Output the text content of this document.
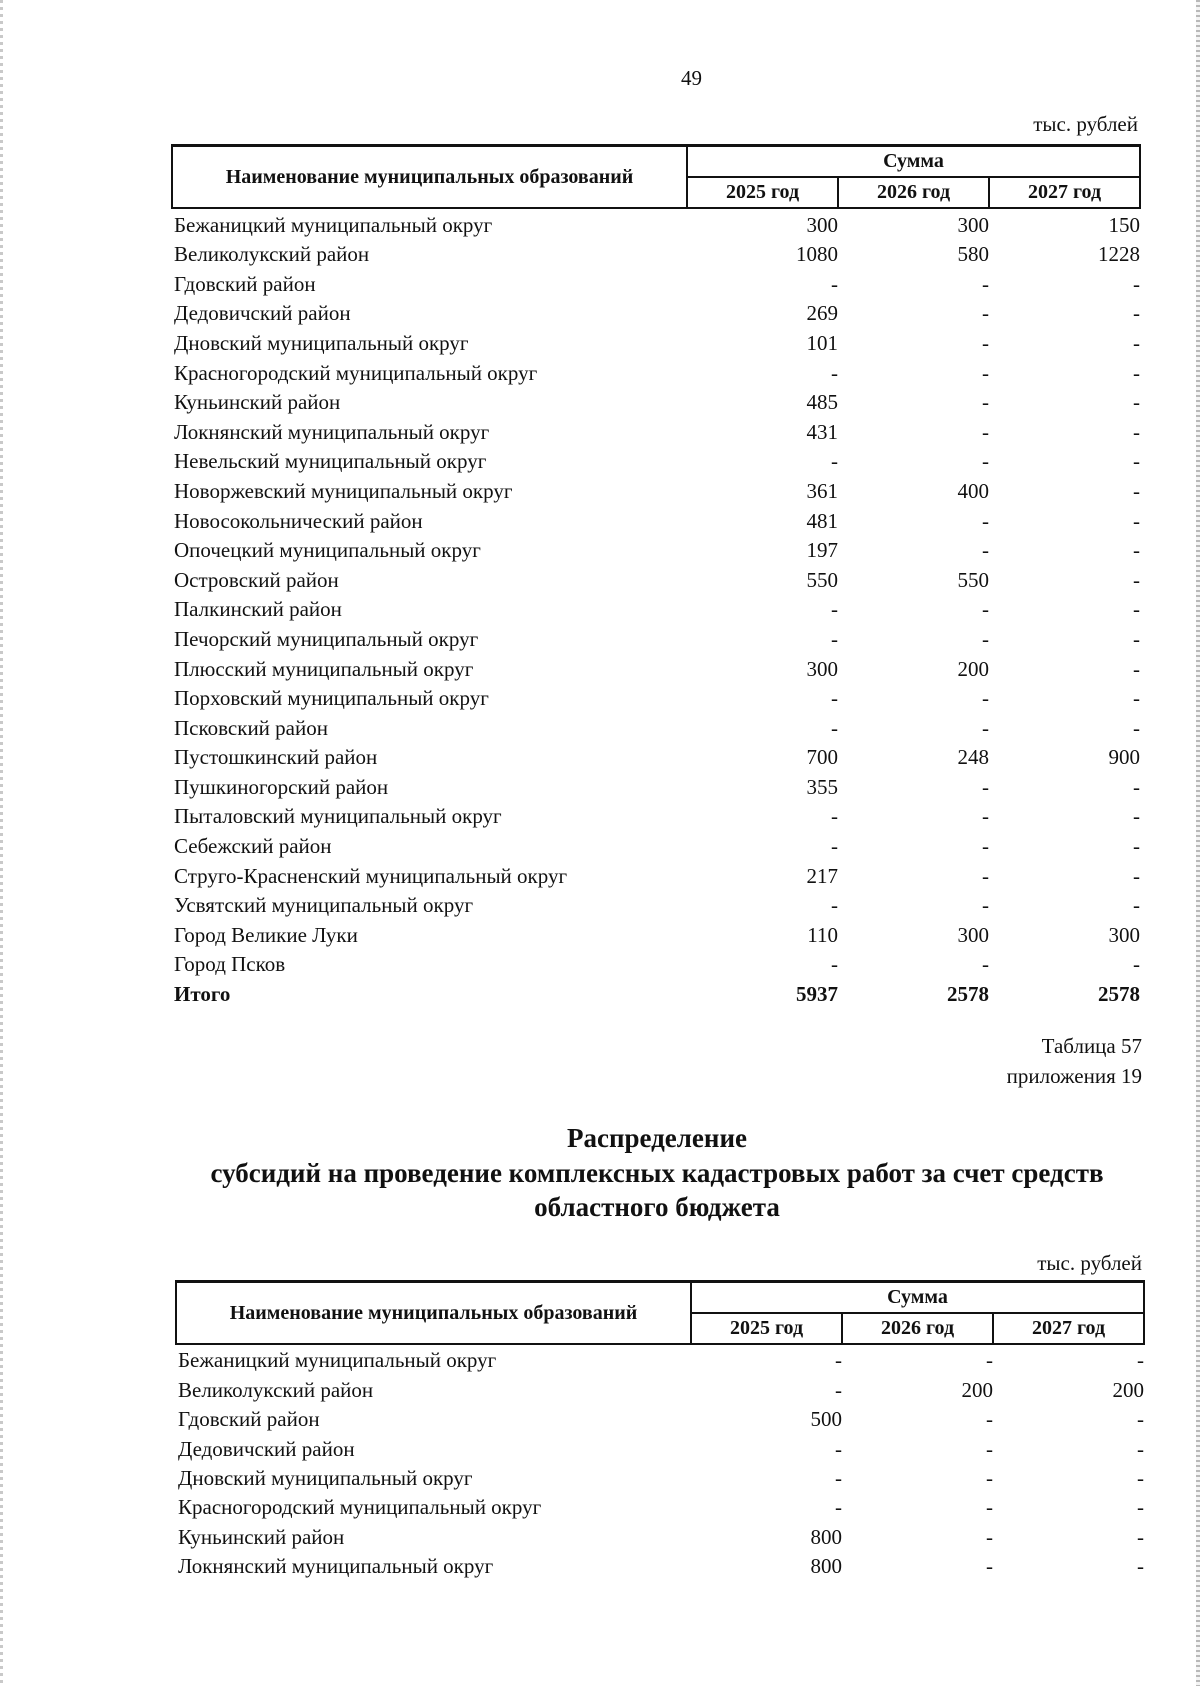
49
тыс. рублей
Наименование муниципальных образований	Сумма		
	2025 год	2026 год	2027 год
Бежаницкий муниципальный округ	300	300	150
Великолукский район	1080	580	1228
Гдовский район	-	-	-
Дедовичский район	269	-	-
Дновский муниципальный округ	101	-	-
Красногородский муниципальный округ	-	-	-
Куньинский район	485	-	-
Локнянский муниципальный округ	431	-	-
Невельский муниципальный округ	-	-	-
Новоржевский муниципальный округ	361	400	-
Новосокольнический район	481	-	-
Опочецкий муниципальный округ	197	-	-
Островский район	550	550	-
Палкинский район	-	-	-
Печорский муниципальный округ	-	-	-
Плюсский муниципальный округ	300	200	-
Порховский муниципальный округ	-	-	-
Псковский район	-	-	-
Пустошкинский район	700	248	900
Пушкиногорский район	355	-	-
Пыталовский муниципальный округ	-	-	-
Себежский район	-	-	-
Струго-Красненский муниципальный округ	217	-	-
Усвятский муниципальный округ	-	-	-
Город Великие Луки	110	300	300
Город Псков	-	-	-
Итого	5937	2578	2578
Таблица 57
приложения 19
Распределение
субсидий на проведение комплексных кадастровых работ за счет средств
областного бюджета
тыс. рублей
Наименование муниципальных образований	Сумма		
	2025 год	2026 год	2027 год
Бежаницкий муниципальный округ	-	-	-
Великолукский район	-	200	200
Гдовский район	500	-	-
Дедовичский район	-	-	-
Дновский муниципальный округ	-	-	-
Красногородский муниципальный округ	-	-	-
Куньинский район	800	-	-
Локнянский муниципальный округ	800	-	-
